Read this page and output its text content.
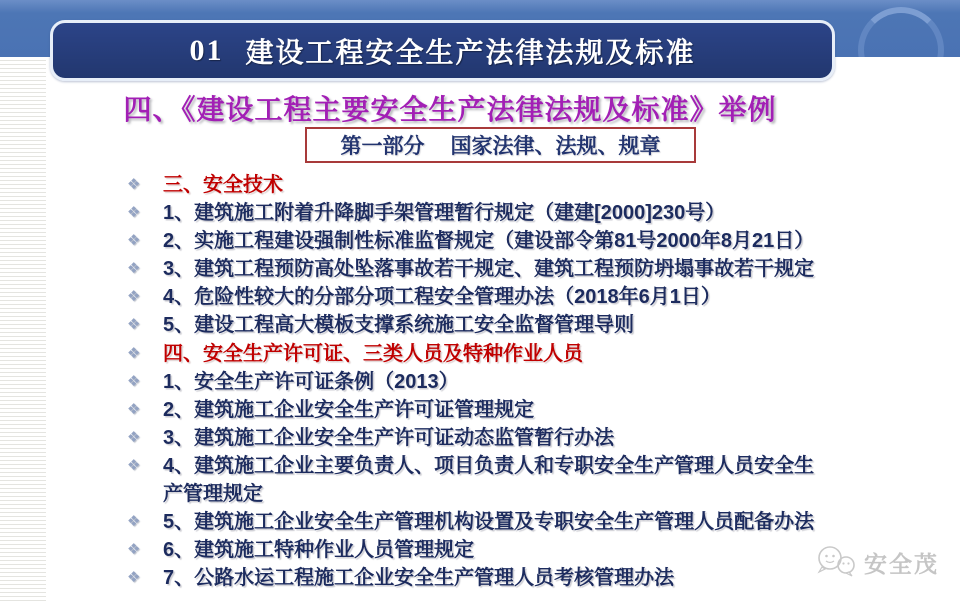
01 建设工程安全生产法律法规及标准
四、《建设工程主要安全生产法律法规及标准》举例
第一部分 国家法律、法规、规章
❖	三、安全技术
❖	1、建筑施工附着升降脚手架管理暂行规定（建建[2000]230号）
❖	2、实施工程建设强制性标准监督规定（建设部令第81号2000年8月21日）
❖	3、建筑工程预防高处坠落事故若干规定、建筑工程预防坍塌事故若干规定
❖	4、危险性较大的分部分项工程安全管理办法（2018年6月1日）
❖	5、建设工程高大模板支撑系统施工安全监督管理导则
❖	四、安全生产许可证、三类人员及特种作业人员
❖	1、安全生产许可证条例（2013）
❖	2、建筑施工企业安全生产许可证管理规定
❖	3、建筑施工企业安全生产许可证动态监管暂行办法
❖	4、建筑施工企业主要负责人、项目负责人和专职安全生产管理人员安全生
产管理规定
❖	5、建筑施工企业安全生产管理机构设置及专职安全生产管理人员配备办法
❖	6、建筑施工特种作业人员管理规定
❖	7、公路水运工程施工企业安全生产管理人员考核管理办法
安全茂
